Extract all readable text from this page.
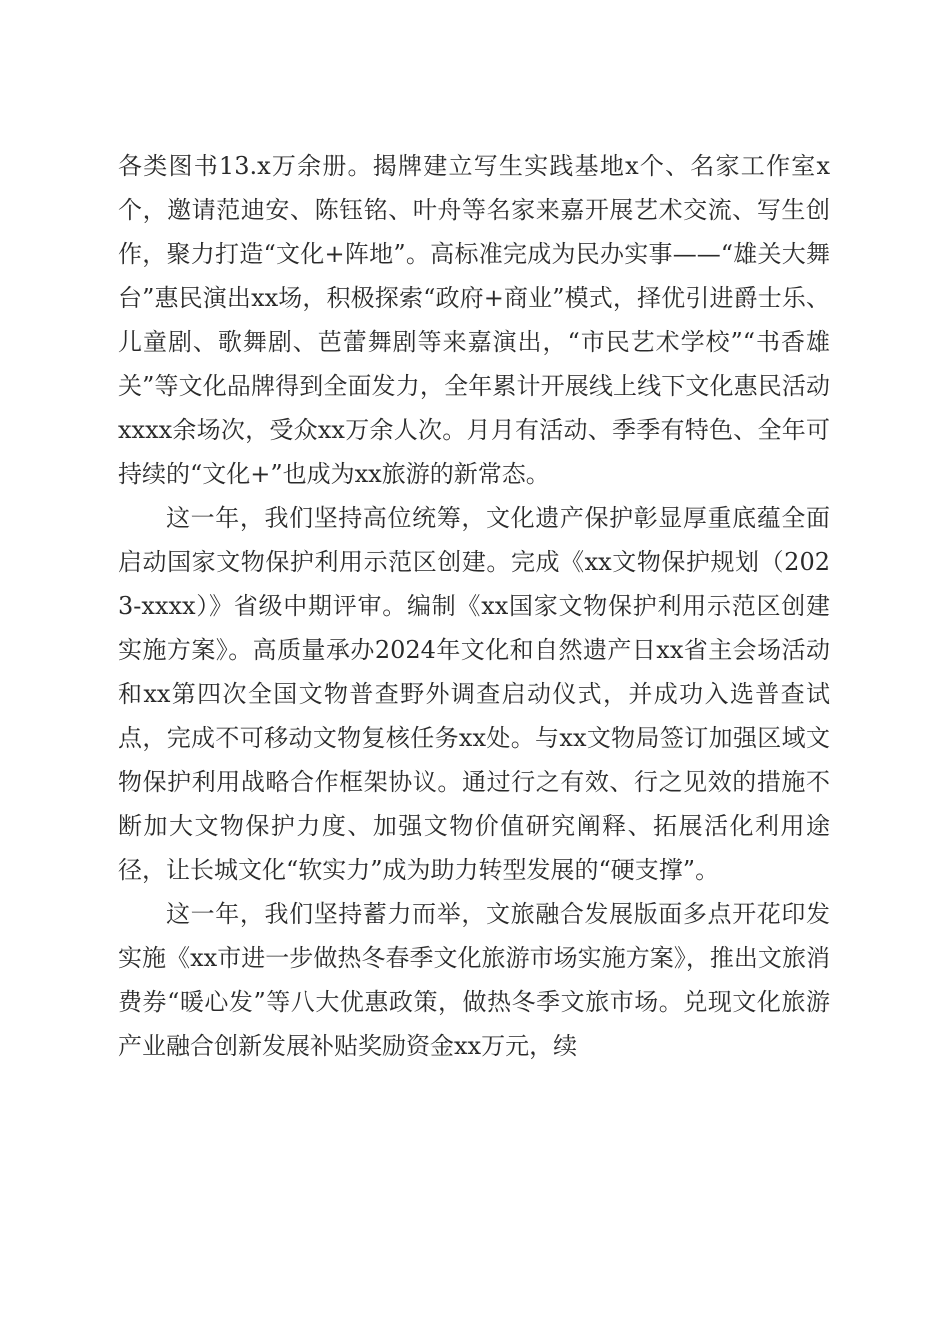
各类图书13.x万余册。揭牌建立写生实践基地x个、名家工作室x个，邀请范迪安、陈钰铭、叶舟等名家来嘉开展艺术交流、写生创作，聚力打造“文化+阵地”。高标准完成为民办实事——“雄关大舞台”惠民演出xx场，积极探索“政府+商业”模式，择优引进爵士乐、儿童剧、歌舞剧、芭蕾舞剧等来嘉演出，“市民艺术学校”“书香雄关”等文化品牌得到全面发力，全年累计开展线上线下文化惠民活动xxxx余场次，受众xx万余人次。月月有活动、季季有特色、全年可持续的“文化+”也成为xx旅游的新常态。

这一年，我们坚持高位统筹，文化遗产保护彰显厚重底蕴全面启动国家文物保护利用示范区创建。完成《xx文物保护规划（2023-xxxx）》省级中期评审。编制《xx国家文物保护利用示范区创建实施方案》。高质量承办2024年文化和自然遗产日xx省主会场活动和xx第四次全国文物普查野外调查启动仪式，并成功入选普查试点，完成不可移动文物复核任务xx处。与xx文物局签订加强区域文物保护利用战略合作框架协议。通过行之有效、行之见效的措施不断加大文物保护力度、加强文物价值研究阐释、拓展活化利用途径，让长城文化“软实力”成为助力转型发展的“硬支撑”。

这一年，我们坚持蓄力而举，文旅融合发展版面多点开花印发实施《xx市进一步做热冬春季文化旅游市场实施方案》，推出文旅消费券“暖心发”等八大优惠政策，做热冬季文旅市场。兑现文化旅游产业融合创新发展补贴奖励资金xx万元，续
